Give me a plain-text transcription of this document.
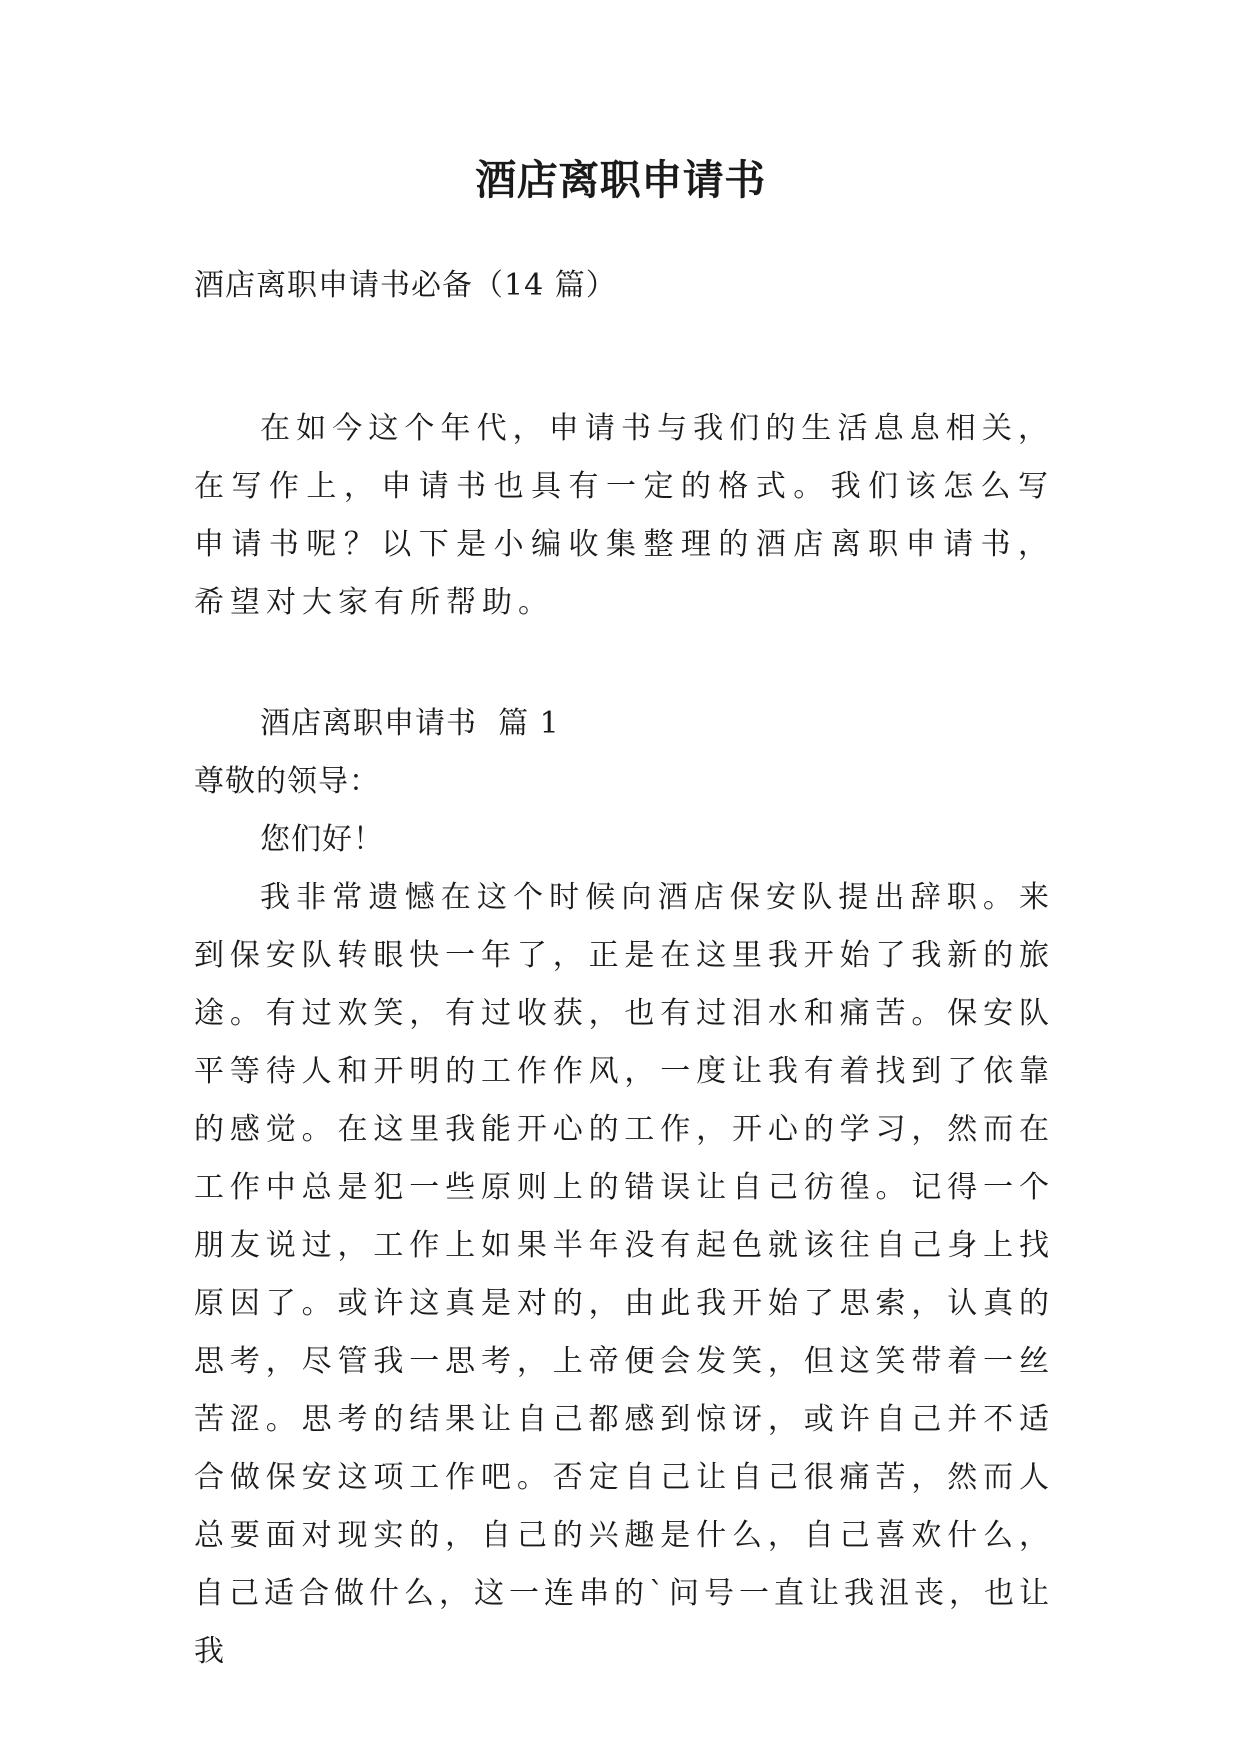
酒店离职申请书

酒店离职申请书必备（14 篇）

在如今这个年代，申请书与我们的生活息息相关，在写作上，申请书也具有一定的格式。我们该怎么写申请书呢？以下是小编收集整理的酒店离职申请书，希望对大家有所帮助。

酒店离职申请书  篇 1

尊敬的领导：

您们好！

我非常遗憾在这个时候向酒店保安队提出辞职。来到保安队转眼快一年了，正是在这里我开始了我新的旅途。有过欢笑，有过收获，也有过泪水和痛苦。保安队平等待人和开明的工作作风，一度让我有着找到了依靠的感觉。在这里我能开心的工作，开心的学习，然而在工作中总是犯一些原则上的错误让自己彷徨。记得一个朋友说过，工作上如果半年没有起色就该往自己身上找原因了。或许这真是对的，由此我开始了思索，认真的思考，尽管我一思考，上帝便会发笑，但这笑带着一丝苦涩。思考的结果让自己都感到惊讶，或许自己并不适合做保安这项工作吧。否定自己让自己很痛苦，然而人总要面对现实的，自己的兴趣是什么，自己喜欢什么，自己适合做什么，这一连串的`问号一直让我沮丧，也让我
